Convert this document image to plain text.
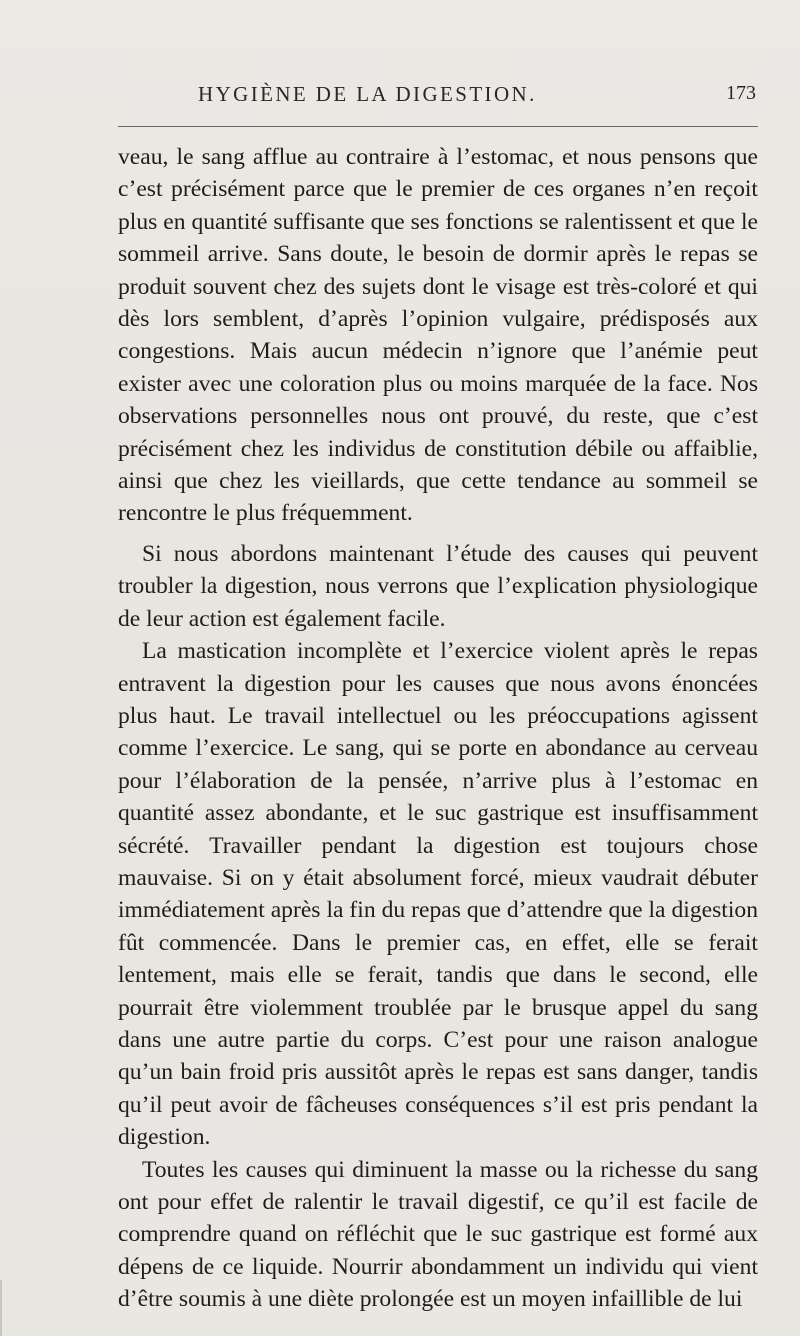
HYGIÈNE DE LA DIGESTION.	173

veau, le sang afflue au contraire à l’estomac, et nous pensons que c’est précisément parce que le premier de ces organes n’en reçoit plus en quantité suffisante que ses fonctions se ralentissent et que le sommeil arrive. Sans doute, le besoin de dormir après le repas se produit souvent chez des sujets dont le visage est très-coloré et qui dès lors semblent, d’après l’opinion vulgaire, prédisposés aux congestions. Mais aucun médecin n’ignore que l’anémie peut exister avec une coloration plus ou moins marquée de la face. Nos observations personnelles nous ont prouvé, du reste, que c’est précisément chez les individus de constitution débile ou affaiblie, ainsi que chez les vieillards, que cette tendance au sommeil se rencontre le plus fréquemment.

Si nous abordons maintenant l’étude des causes qui peuvent troubler la digestion, nous verrons que l’explication physiologique de leur action est également facile.

La mastication incomplète et l’exercice violent après le repas entravent la digestion pour les causes que nous avons énoncées plus haut. Le travail intellectuel ou les préoccupations agissent comme l’exercice. Le sang, qui se porte en abondance au cerveau pour l’élaboration de la pensée, n’arrive plus à l’estomac en quantité assez abondante, et le suc gastrique est insuffisamment sécrété. Travailler pendant la digestion est toujours chose mauvaise. Si on y était absolument forcé, mieux vaudrait débuter immédiatement après la fin du repas que d’attendre que la digestion fût commencée. Dans le premier cas, en effet, elle se ferait lentement, mais elle se ferait, tandis que dans le second, elle pourrait être violemment troublée par le brusque appel du sang dans une autre partie du corps. C’est pour une raison analogue qu’un bain froid pris aussitôt après le repas est sans danger, tandis qu’il peut avoir de fâcheuses conséquences s’il est pris pendant la digestion.

Toutes les causes qui diminuent la masse ou la richesse du sang ont pour effet de ralentir le travail digestif, ce qu’il est facile de comprendre quand on réfléchit que le suc gastrique est formé aux dépens de ce liquide. Nourrir abondamment un individu qui vient d’être soumis à une diète prolongée est un moyen infaillible de lui
